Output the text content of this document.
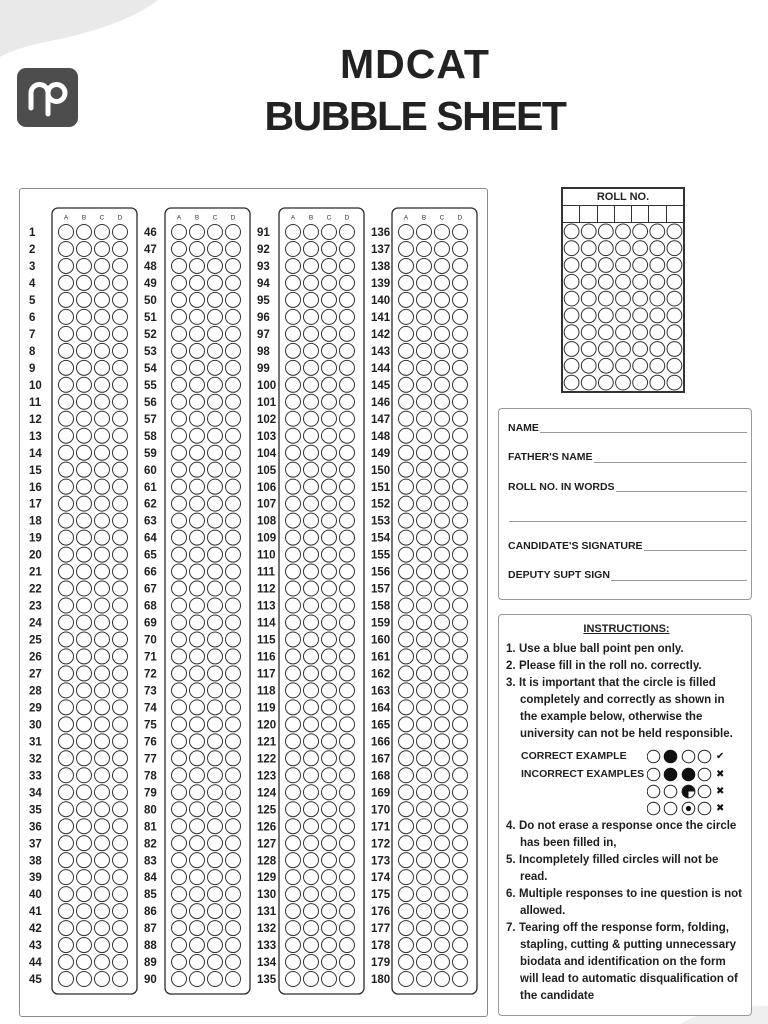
MDCAT
BUBBLE SHEET
A B C D
1
2
3
4
5
6
7
8
9
10
11
12
13
14
15
16
17
18
19
20
21
22
23
24
25
26
27
28
29
30
31
32
33
34
35
36
37
38
39
40
41
42
43
44
45
A B C D
46
47
48
49
50
51
52
53
54
55
56
57
58
59
60
61
62
63
64
65
66
67
68
69
70
71
72
73
74
75
76
77
78
79
80
81
82
83
84
85
86
87
88
89
90
A B C D
91
92
93
94
95
96
97
98
99
100
101
102
103
104
105
106
107
108
109
110
111
112
113
114
115
116
117
118
119
120
121
122
123
124
125
126
127
128
129
130
131
132
133
134
135
A B C D
136
137
138
139
140
141
142
143
144
145
146
147
148
149
150
151
152
153
154
155
156
157
158
159
160
161
162
163
164
165
166
167
168
169
170
171
172
173
174
175
176
177
178
179
180
ROLL NO.
NAME
FATHER'S NAME
ROLL NO. IN WORDS
CANDIDATE'S SIGNATURE
DEPUTY SUPT SIGN
INSTRUCTIONS:
1. Use a blue ball point pen only.
2. Please fill in the roll no. correctly.
3. It is important that the circle is filled
completely and correctly as shown in
the example below, otherwise the
university can not be held responsible.
CORRECT EXAMPLE	✔
INCORRECT EXAMPLES	✖
✖
✖
4. Do not erase a response once the circle
has been filled in,
5. Incompletely filled circles will not be
read.
6. Multiple responses to ine question is not
allowed.
7. Tearing off the response form, folding,
stapling, cutting & putting unnecessary
biodata and identification on the form
will lead to automatic disqualification of
the candidate
